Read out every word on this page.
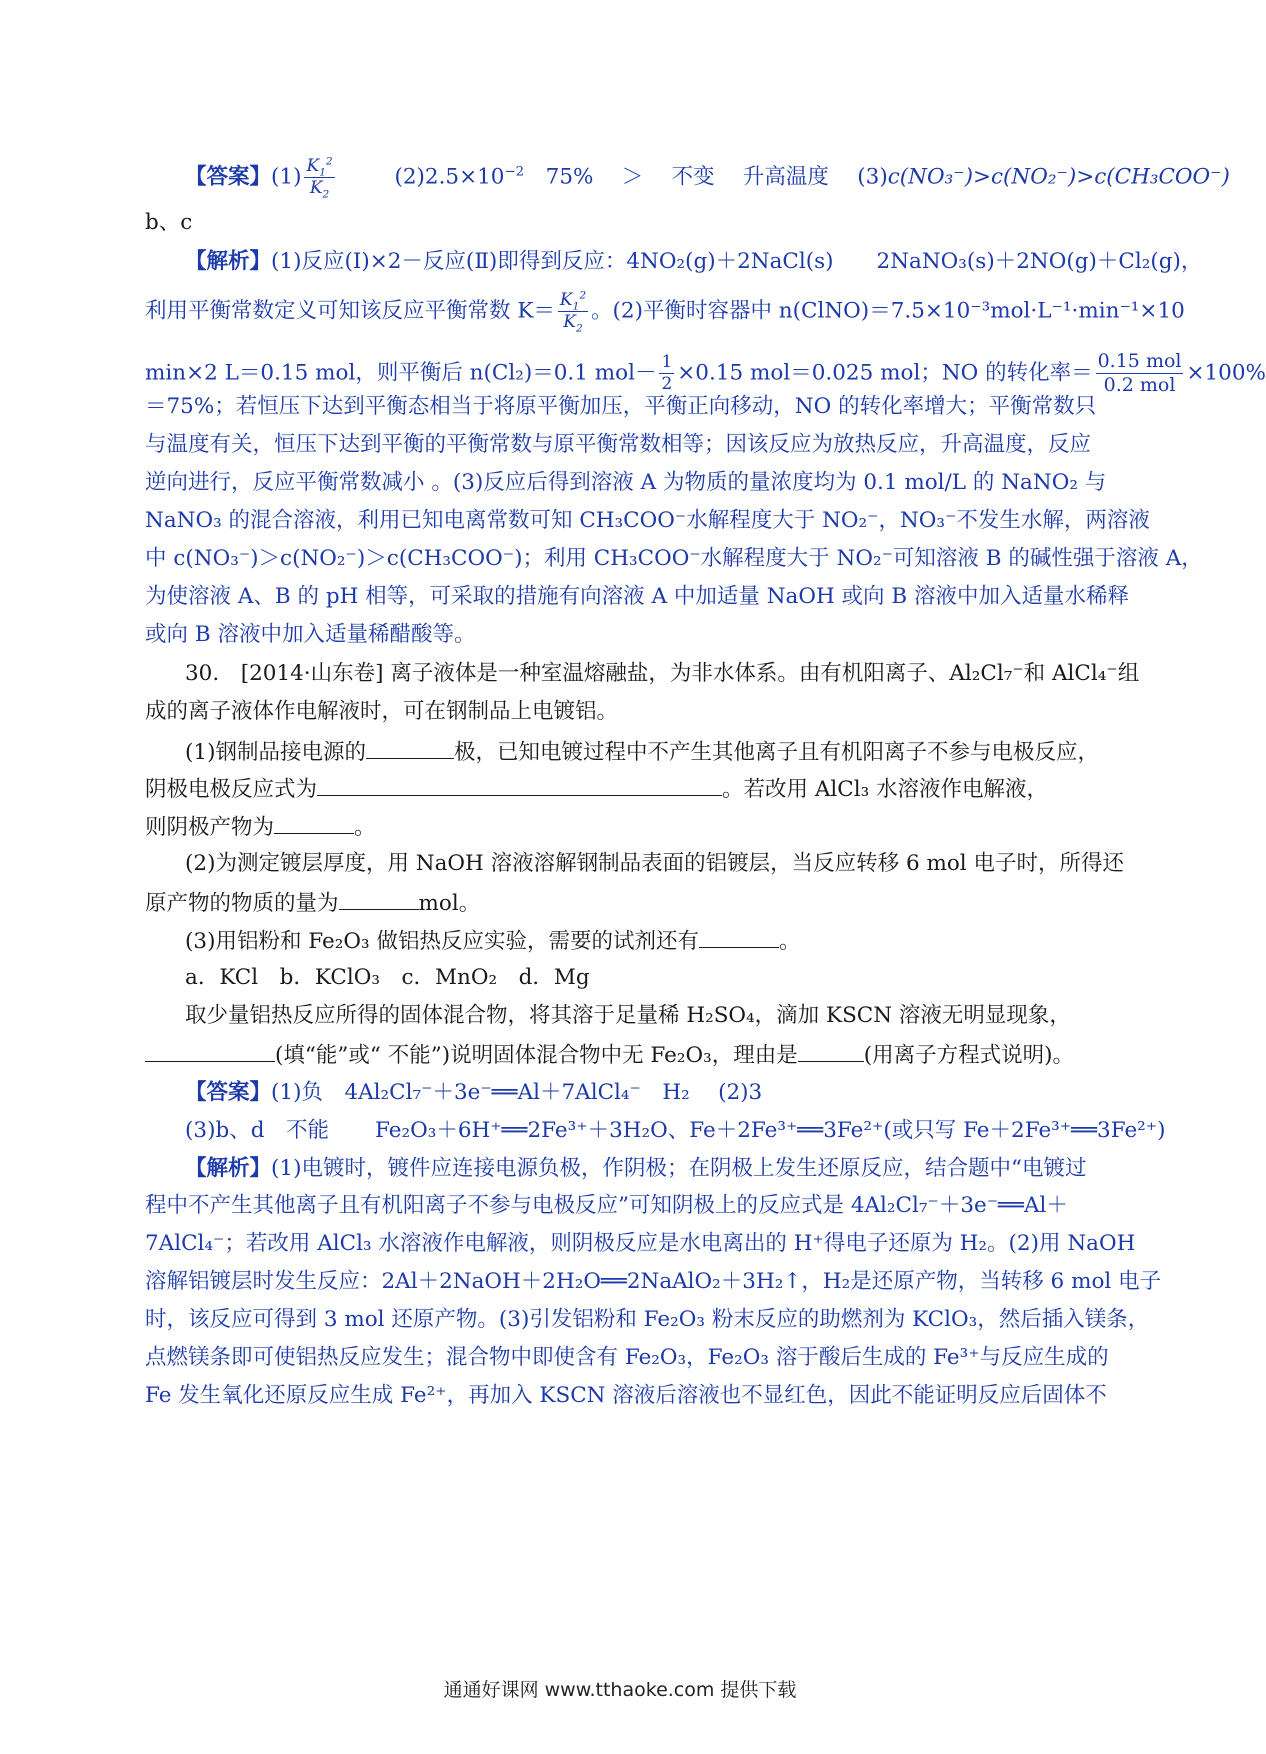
【答案】$(1) \frac{K_1^2}{K_2}$	$(2)2.5\times 10^{-2}$　 75%　 ＞　 不变　 升高温度　 (3)c(NO₃⁻)>c(NO₂⁻)>c(CH₃COO⁻)
b、c
【解析】(1)反应(Ⅰ)×2－反应(Ⅱ)即得到反应：4NO₂(g)＋2NaCl(s)　　2NaNO₃(s)＋2NO(g)＋Cl₂(g)，
利用平衡常数定义可知该反应平衡常数 $K= \frac{K_1^2}{K_2}$ 。(2)平衡时容器中 n(ClNO)＝7.5×10⁻³mol·L⁻¹·min⁻¹×10
min×2 L＝0.15 mol，则平衡后 n(Cl₂)＝0.1 $mol- \frac{1}{2} \times 0.15$ mol＝0.025 mol；NO 的转化率＝ $\frac{\text{0.15 mol}}{\text{0.2 mol}} \times 100\%$
＝75%；若恒压下达到平衡态相当于将原平衡加压，平衡正向移动，NO 的转化率增大；平衡常数只
与温度有关，恒压下达到平衡的平衡常数与原平衡常数相等；因该反应为放热反应，升高温度，反应
逆向进行，反应平衡常数减小 。(3)反应后得到溶液 A 为物质的量浓度均为 0.1 mol/L 的 NaNO₂ 与
NaNO₃ 的混合溶液，利用已知电离常数可知 CH₃COO⁻水解程度大于 NO₂⁻，NO₃⁻不发生水解，两溶液
中 c(NO₃⁻)＞c(NO₂⁻)＞c(CH₃COO⁻)；利用 CH₃COO⁻水解程度大于 NO₂⁻可知溶液 B 的碱性强于溶液 A，
为使溶液 A、B 的 pH 相等，可采取的措施有向溶液 A 中加适量 NaOH 或向 B 溶液中加入适量水稀释
或向 B 溶液中加入适量稀醋酸等。
30.　[2014·山东卷] 离子液体是一种室温熔融盐，为非水体系。由有机阳离子、Al₂Cl₇⁻和 AlCl₄⁻组
成的离子液体作电解液时，可在钢制品上电镀铝。
(1)钢制品接电源的	极，已知电镀过程中不产生其他离子且有机阳离子不参与电极反应，
阴极电极反应式为	。若改用 AlCl₃ 水溶液作电解液，
则阴极产物为	。
(2)为测定镀层厚度，用 NaOH 溶液溶解钢制品表面的铝镀层，当反应转移 6 mol 电子时，所得还
原产物的物质的量为	mol。
(3)用铝粉和 Fe₂O₃ 做铝热反应实验，需要的试剂还有	。
a．KCl　b．KClO₃　c．MnO₂　d．Mg
取少量铝热反应所得的固体混合物，将其溶于足量稀 H₂SO₄，滴加 KSCN 溶液无明显现象，
(填“能”或“ 不能”)说明固体混合物中无 Fe₂O₃，理由是	(用离子方程式说明)。
【答案】(1)负　4Al₂Cl₇⁻＋3e⁻══Al＋7AlCl₄⁻　H₂　 (2)3
(3)b、d　不能 Fe₂O₃＋6H⁺══2Fe³⁺＋3H₂O、Fe＋2Fe³⁺══3Fe²⁺(或只写 Fe＋2Fe³⁺══3Fe²⁺)
【解析】(1)电镀时，镀件应连接电源负极，作阴极；在阴极上发生还原反应，结合题中“电镀过
程中不产生其他离子且有机阳离子不参与电极反应”可知阴极上的反应式是 4Al₂Cl₇⁻＋3e⁻══Al＋
7AlCl₄⁻；若改用 AlCl₃ 水溶液作电解液，则阴极反应是水电离出的 H⁺得电子还原为 H₂。(2)用 NaOH
溶解铝镀层时发生反应：2Al＋2NaOH＋2H₂O══2NaAlO₂＋3H₂↑，H₂是还原产物，当转移 6 mol 电子
时，该反应可得到 3 mol 还原产物。(3)引发铝粉和 Fe₂O₃ 粉末反应的助燃剂为 KClO₃，然后插入镁条，
点燃镁条即可使铝热反应发生；混合物中即使含有 Fe₂O₃，Fe₂O₃ 溶于酸后生成的 Fe³⁺与反应生成的
Fe 发生氧化还原反应生成 Fe²⁺，再加入 KSCN 溶液后溶液也不显红色，因此不能证明反应后固体不
通通好课网 www.tthaoke.com 提供下载
